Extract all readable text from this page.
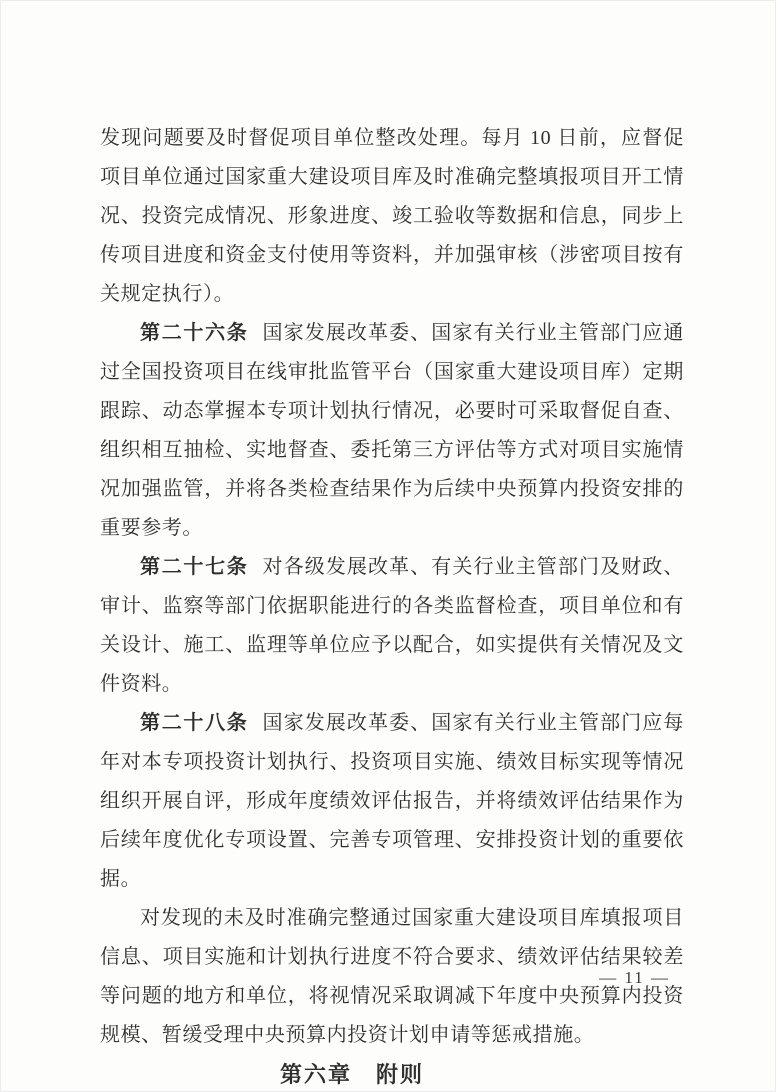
发现问题要及时督促项目单位整改处理。每月 10 日前，应督促项目单位通过国家重大建设项目库及时准确完整填报项目开工情况、投资完成情况、形象进度、竣工验收等数据和信息，同步上传项目进度和资金支付使用等资料，并加强审核（涉密项目按有关规定执行）。

第二十六条 国家发展改革委、国家有关行业主管部门应通过全国投资项目在线审批监管平台（国家重大建设项目库）定期跟踪、动态掌握本专项计划执行情况，必要时可采取督促自查、组织相互抽检、实地督查、委托第三方评估等方式对项目实施情况加强监管，并将各类检查结果作为后续中央预算内投资安排的重要参考。

第二十七条 对各级发展改革、有关行业主管部门及财政、审计、监察等部门依据职能进行的各类监督检查，项目单位和有关设计、施工、监理等单位应予以配合，如实提供有关情况及文件资料。

第二十八条 国家发展改革委、国家有关行业主管部门应每年对本专项投资计划执行、投资项目实施、绩效目标实现等情况组织开展自评，形成年度绩效评估报告，并将绩效评估结果作为后续年度优化专项设置、完善专项管理、安排投资计划的重要依据。

对发现的未及时准确完整通过国家重大建设项目库填报项目信息、项目实施和计划执行进度不符合要求、绩效评估结果较差等问题的地方和单位，将视情况采取调减下年度中央预算内投资规模、暂缓受理中央预算内投资计划申请等惩戒措施。

第六章　附则
— 11 —
